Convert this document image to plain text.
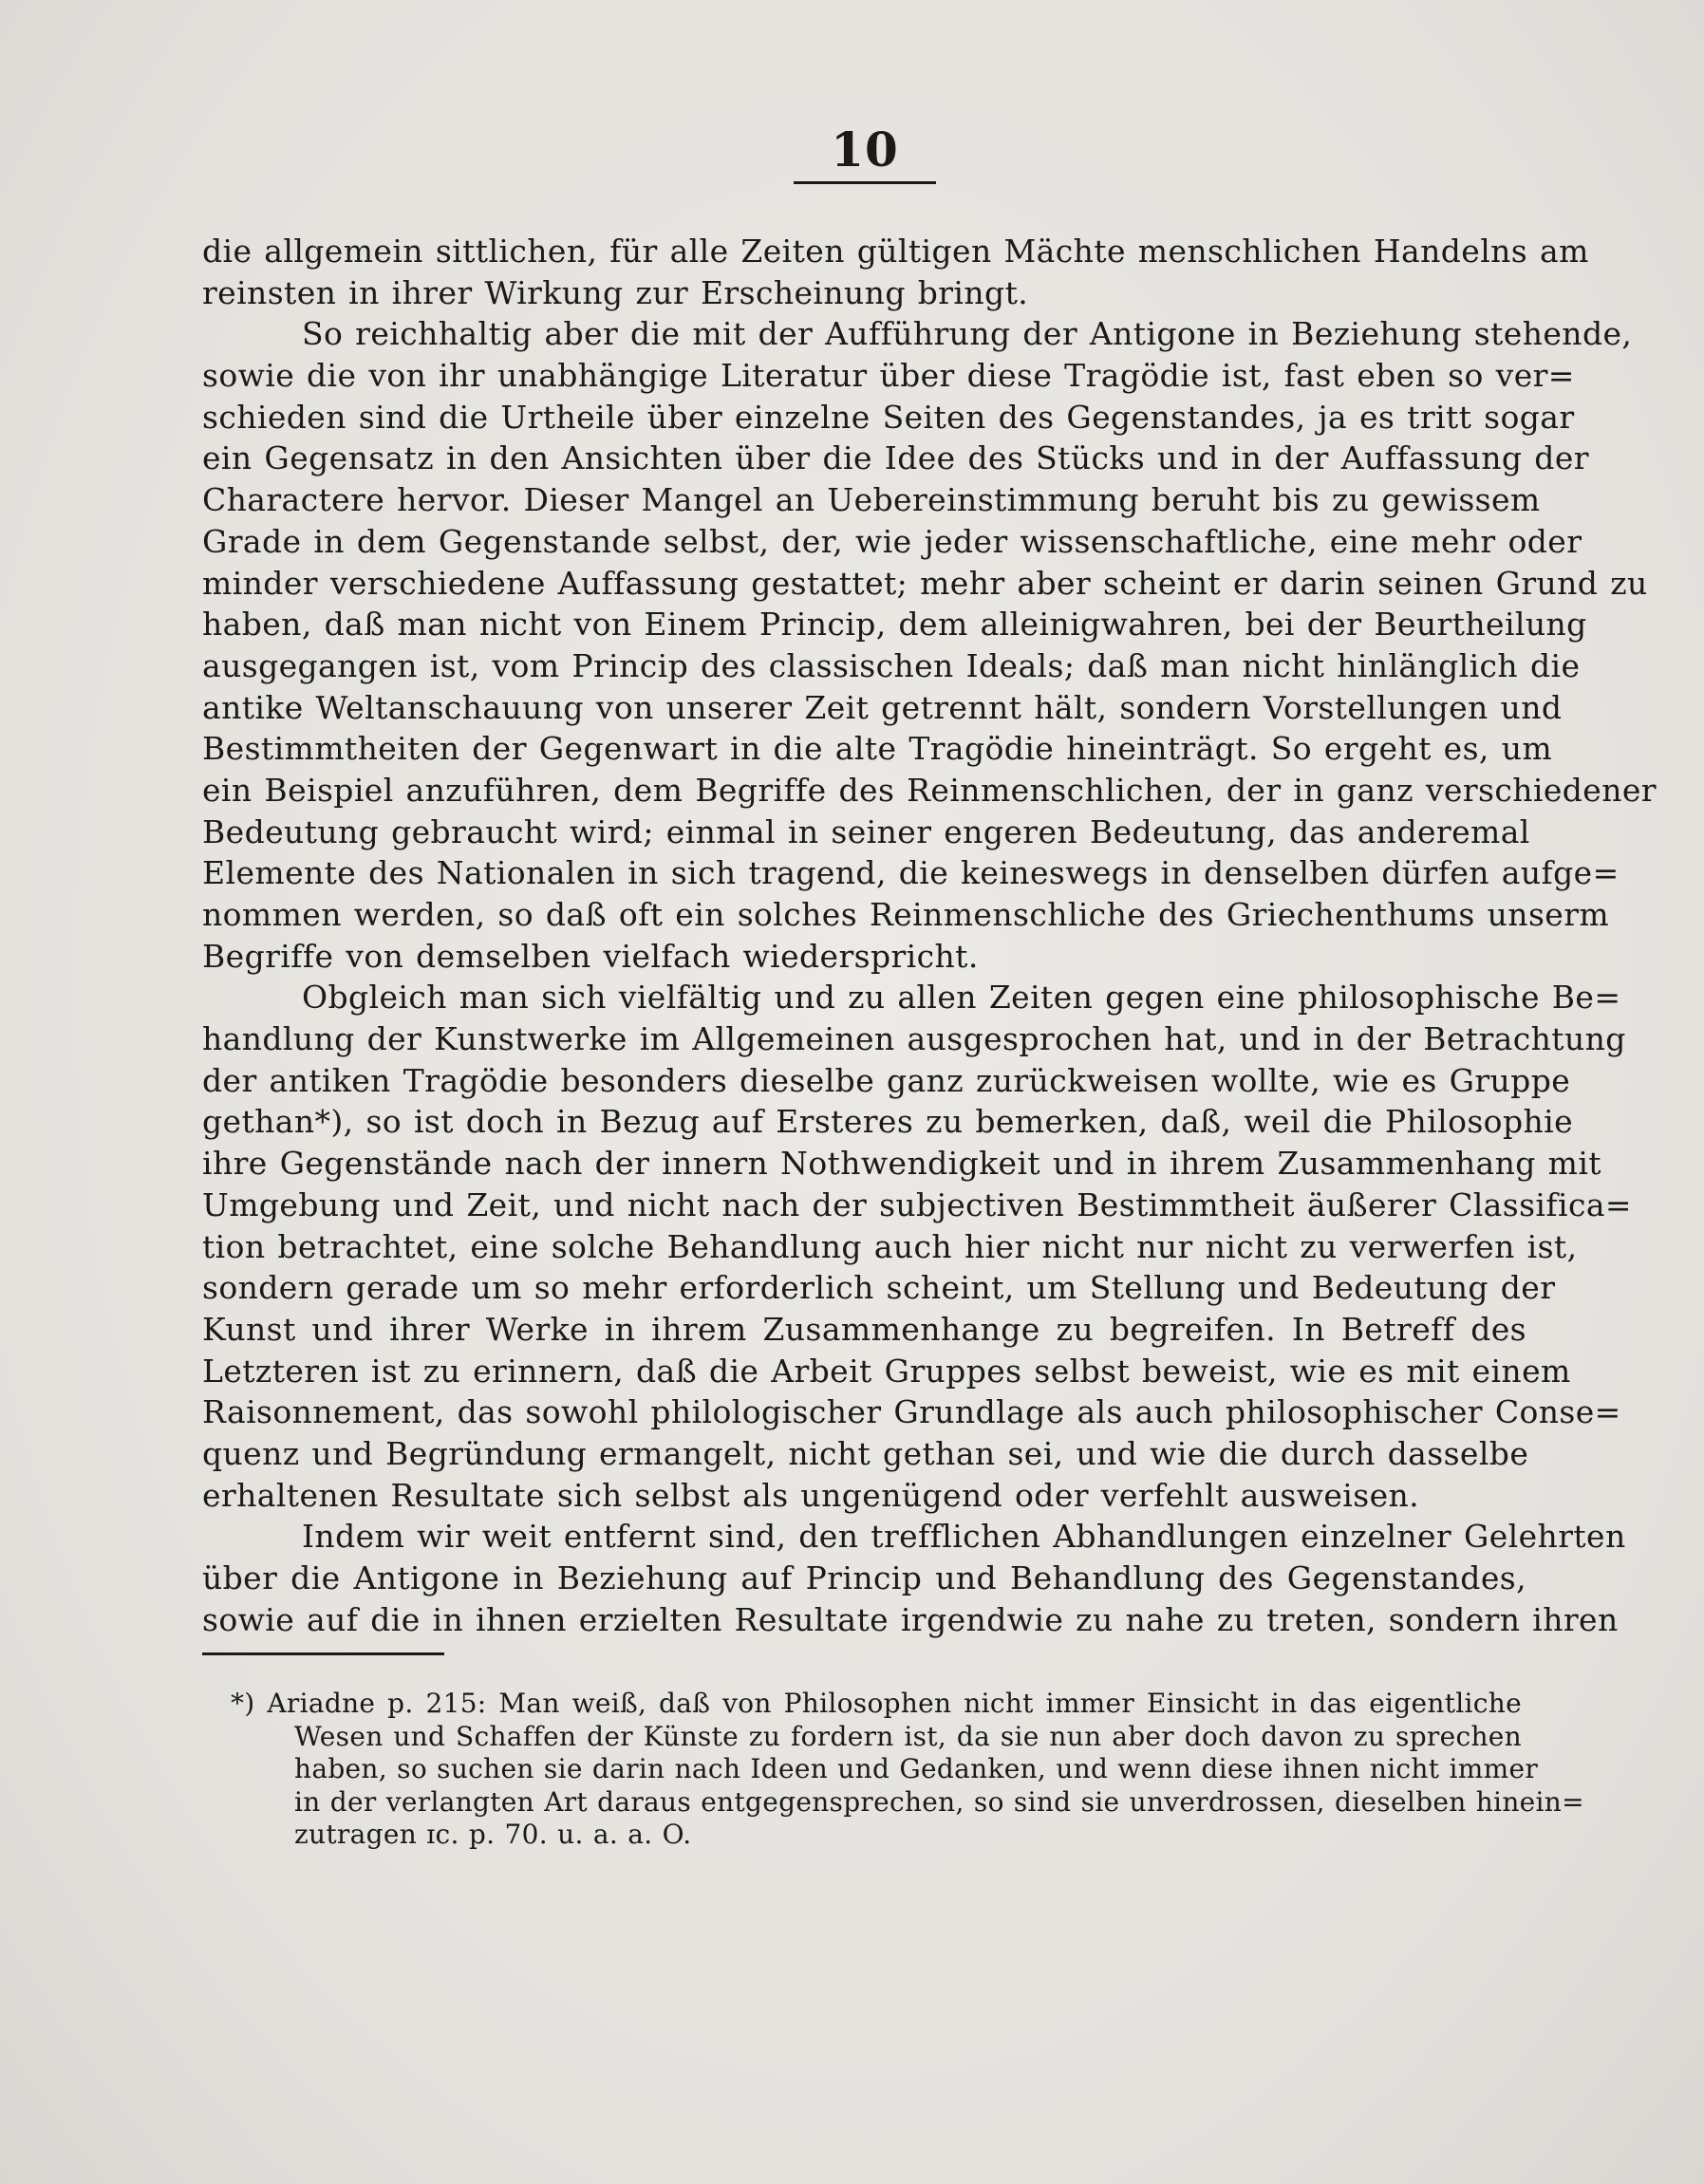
10
die allgemein sittlichen, für alle Zeiten gültigen Mächte menschlichen Handelns am
reinsten in ihrer Wirkung zur Erscheinung bringt.
So reichhaltig aber die mit der Aufführung der Antigone in Beziehung stehende,
sowie die von ihr unabhängige Literatur über diese Tragödie ist, fast eben so ver=
schieden sind die Urtheile über einzelne Seiten des Gegenstandes, ja es tritt sogar
ein Gegensatz in den Ansichten über die Idee des Stücks und in der Auffassung der
Charactere hervor. Dieser Mangel an Uebereinstimmung beruht bis zu gewissem
Grade in dem Gegenstande selbst, der, wie jeder wissenschaftliche, eine mehr oder
minder verschiedene Auffassung gestattet; mehr aber scheint er darin seinen Grund zu
haben, daß man nicht von Einem Princip, dem alleinigwahren, bei der Beurtheilung
ausgegangen ist, vom Princip des classischen Ideals; daß man nicht hinlänglich die
antike Weltanschauung von unserer Zeit getrennt hält, sondern Vorstellungen und
Bestimmtheiten der Gegenwart in die alte Tragödie hineinträgt. So ergeht es, um
ein Beispiel anzuführen, dem Begriffe des Reinmenschlichen, der in ganz verschiedener
Bedeutung gebraucht wird; einmal in seiner engeren Bedeutung, das anderemal
Elemente des Nationalen in sich tragend, die keineswegs in denselben dürfen aufge=
nommen werden, so daß oft ein solches Reinmenschliche des Griechenthums unserm
Begriffe von demselben vielfach wiederspricht.
Obgleich man sich vielfältig und zu allen Zeiten gegen eine philosophische Be=
handlung der Kunstwerke im Allgemeinen ausgesprochen hat, und in der Betrachtung
der antiken Tragödie besonders dieselbe ganz zurückweisen wollte, wie es Gruppe
gethan*), so ist doch in Bezug auf Ersteres zu bemerken, daß, weil die Philosophie
ihre Gegenstände nach der innern Nothwendigkeit und in ihrem Zusammenhang mit
Umgebung und Zeit, und nicht nach der subjectiven Bestimmtheit äußerer Classifica=
tion betrachtet, eine solche Behandlung auch hier nicht nur nicht zu verwerfen ist,
sondern gerade um so mehr erforderlich scheint, um Stellung und Bedeutung der
Kunst und ihrer Werke in ihrem Zusammenhange zu begreifen. In Betreff des
Letzteren ist zu erinnern, daß die Arbeit Gruppes selbst beweist, wie es mit einem
Raisonnement, das sowohl philologischer Grundlage als auch philosophischer Conse=
quenz und Begründung ermangelt, nicht gethan sei, und wie die durch dasselbe
erhaltenen Resultate sich selbst als ungenügend oder verfehlt ausweisen.
Indem wir weit entfernt sind, den trefflichen Abhandlungen einzelner Gelehrten
über die Antigone in Beziehung auf Princip und Behandlung des Gegenstandes,
sowie auf die in ihnen erzielten Resultate irgendwie zu nahe zu treten, sondern ihren
*) Ariadne p. 215: Man weiß, daß von Philosophen nicht immer Einsicht in das eigentliche
Wesen und Schaffen der Künste zu fordern ist, da sie nun aber doch davon zu sprechen
haben, so suchen sie darin nach Ideen und Gedanken, und wenn diese ihnen nicht immer
in der verlangten Art daraus entgegensprechen, so sind sie unverdrossen, dieselben hinein=
zutragen ɪc. p. 70. u. a. a. O.
